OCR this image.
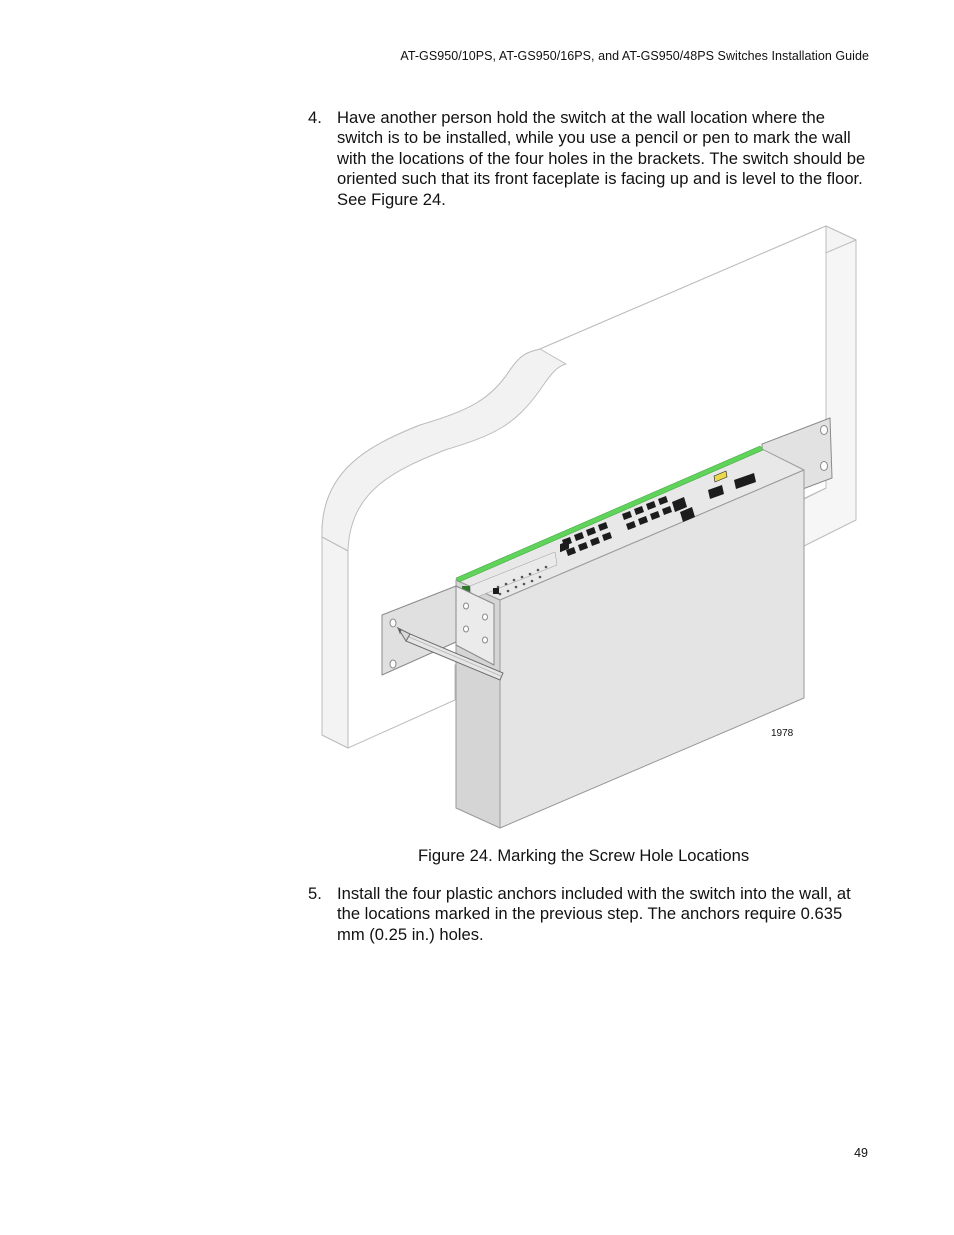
AT-GS950/10PS, AT-GS950/16PS, and AT-GS950/48PS Switches Installation Guide
4. Have another person hold the switch at the wall location where the switch is to be installed, while you use a pencil or pen to mark the wall with the locations of the four holes in the brackets. The switch should be oriented such that its front faceplate is facing up and is level to the floor. See Figure 24.
1978
Figure 24. Marking the Screw Hole Locations
5. Install the four plastic anchors included with the switch into the wall, at the locations marked in the previous step. The anchors require 0.635 mm (0.25 in.) holes.
49
